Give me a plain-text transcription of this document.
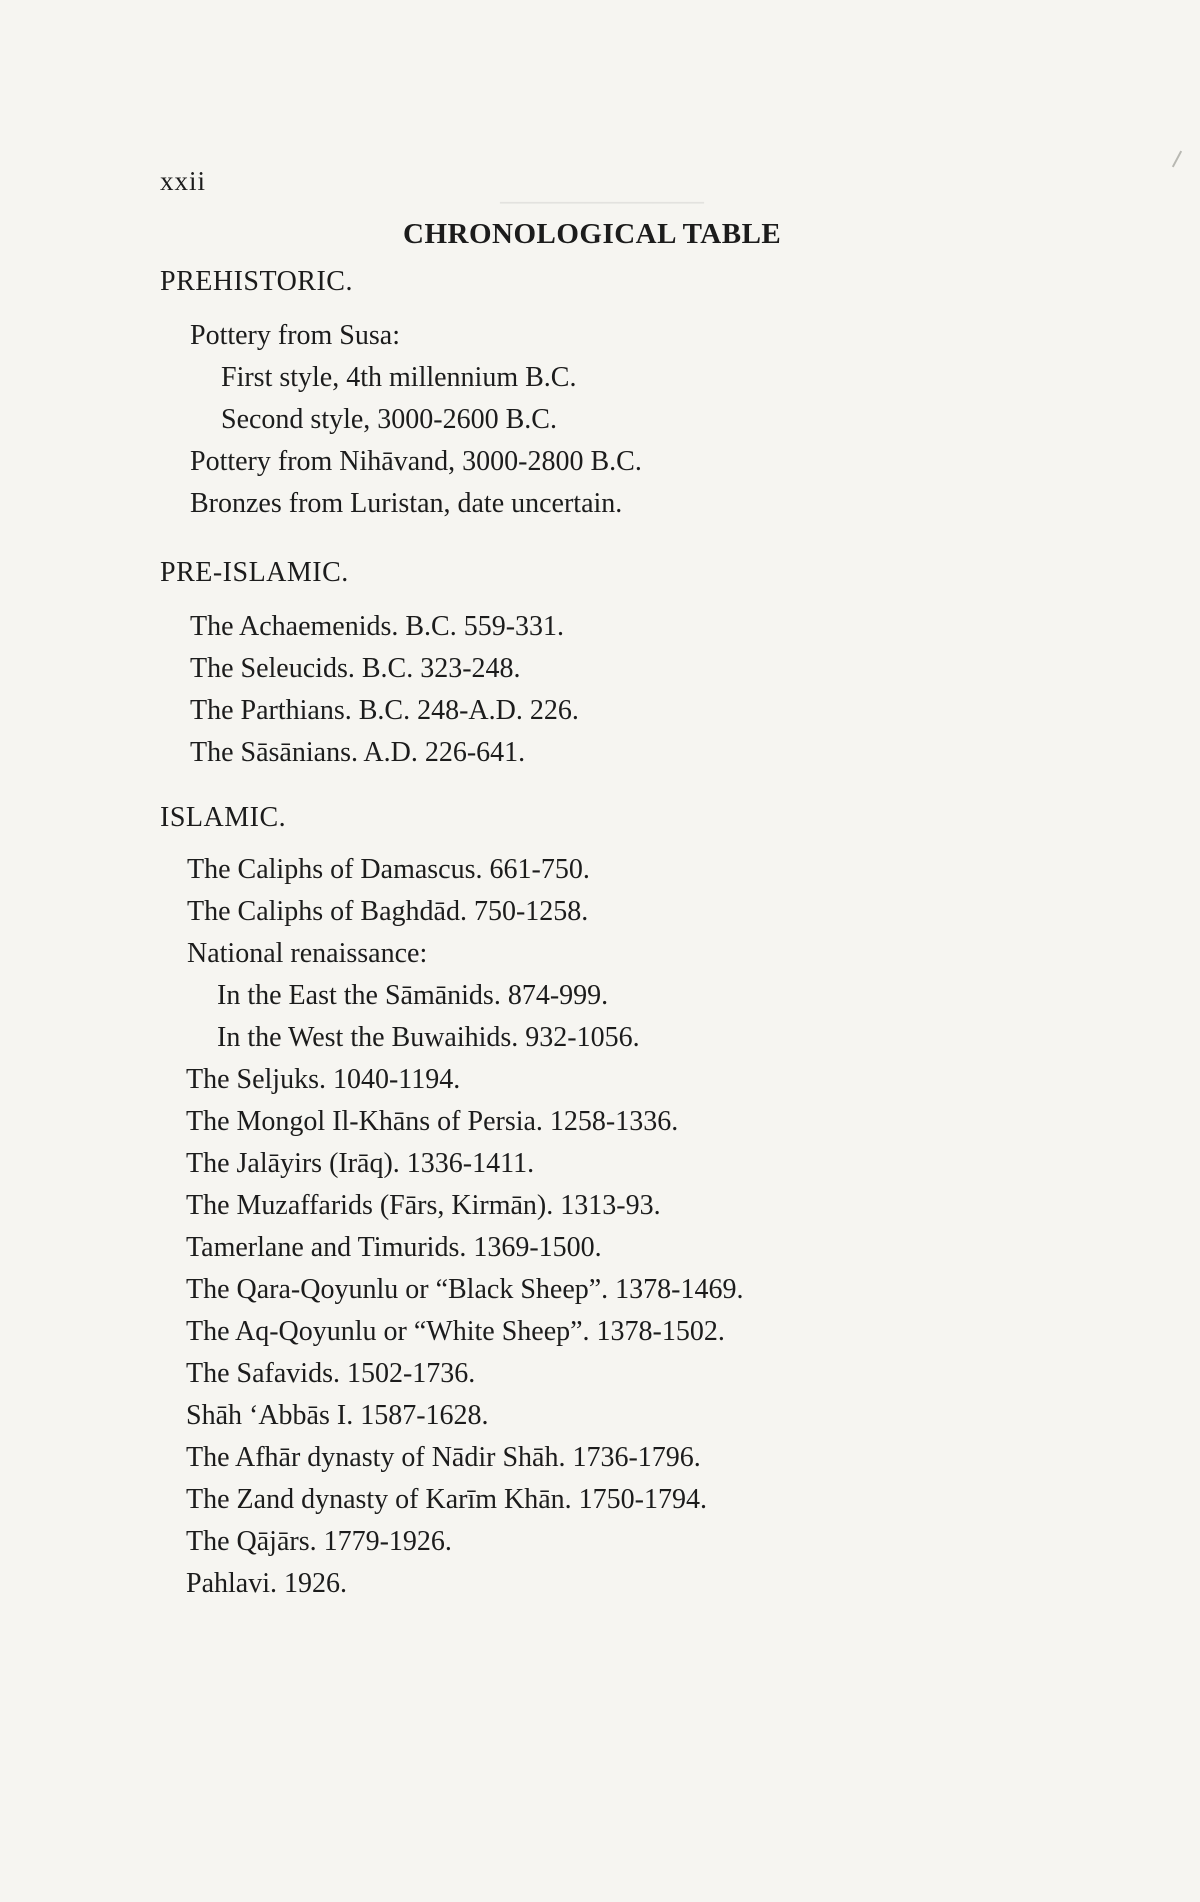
────────────
xxii
CHRONOLOGICAL TABLE
PREHISTORIC.
Pottery from Susa:
First style, 4th millennium B.C.
Second style, 3000-2600 B.C.
Pottery from Nihāvand, 3000-2800 B.C.
Bronzes from Luristan, date uncertain.
PRE-ISLAMIC.
The Achaemenids. B.C. 559-331.
The Seleucids. B.C. 323-248.
The Parthians. B.C. 248-A.D. 226.
The Sāsānians. A.D. 226-641.
ISLAMIC.
The Caliphs of Damascus. 661-750.
The Caliphs of Baghdād. 750-1258.
National renaissance:
In the East the Sāmānids. 874-999.
In the West the Buwaihids. 932-1056.
The Seljuks. 1040-1194.
The Mongol Il-Khāns of Persia. 1258-1336.
The Jalāyirs (Irāq). 1336-1411.
The Muzaffarids (Fārs, Kirmān). 1313-93.
Tamerlane and Timurids. 1369-1500.
The Qara-Qoyunlu or “Black Sheep”. 1378-1469.
The Aq-Qoyunlu or “White Sheep”. 1378-1502.
The Safavids. 1502-1736.
Shāh ‘Abbās I. 1587-1628.
The Afhār dynasty of Nādir Shāh. 1736-1796.
The Zand dynasty of Karīm Khān. 1750-1794.
The Qājārs. 1779-1926.
Pahlavi. 1926.
